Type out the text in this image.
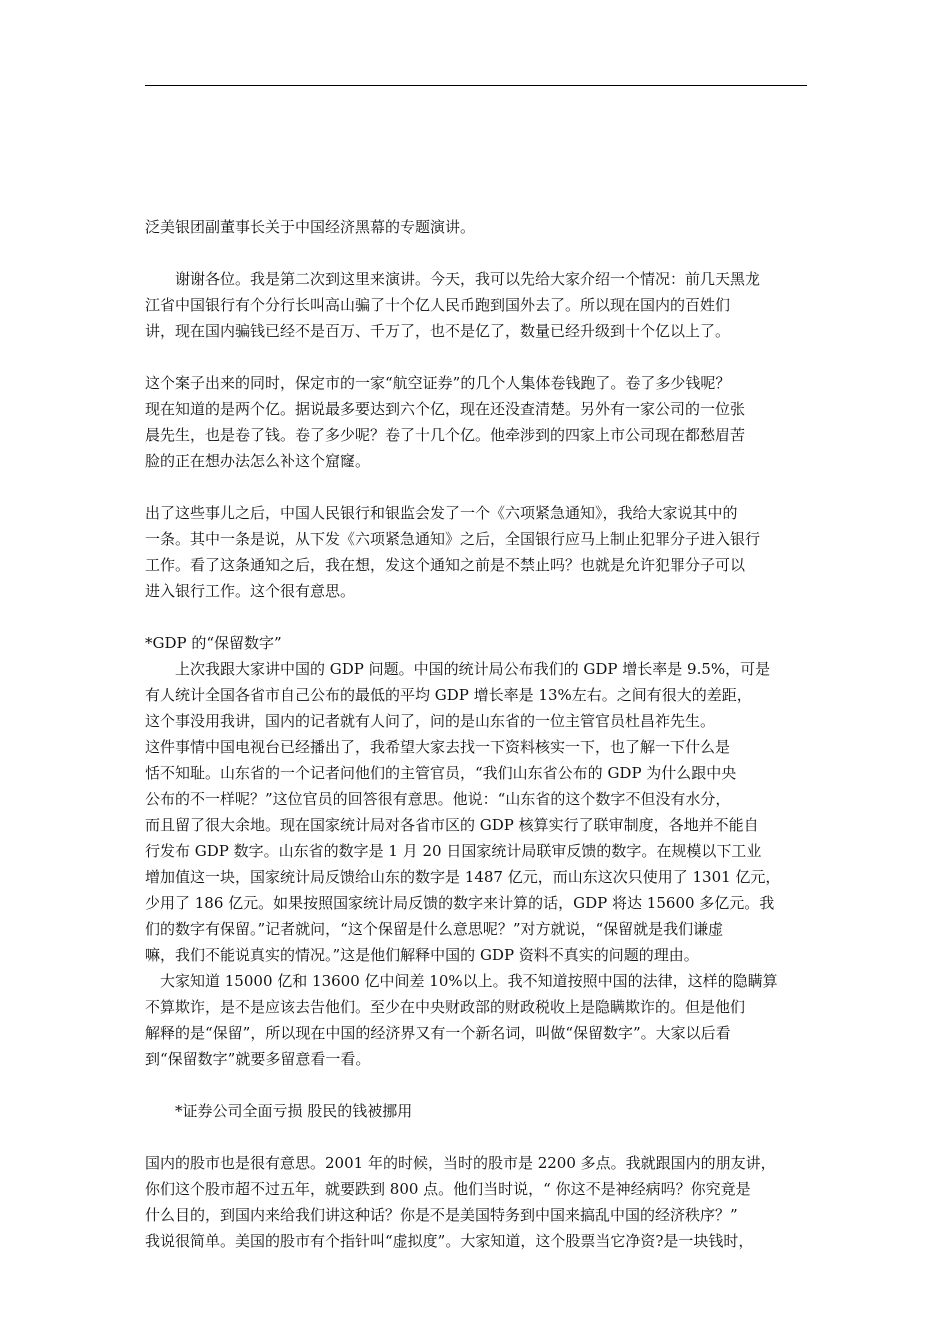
泛美银团副董事长关于中国经济黑幕的专题演讲。
　　谢谢各位。我是第二次到这里来演讲。今天，我可以先给大家介绍一个情况：前几天黑龙
江省中国银行有个分行长叫高山骗了十个亿人民币跑到国外去了。所以现在国内的百姓们
讲，现在国内骗钱已经不是百万、千万了，也不是亿了，数量已经升级到十个亿以上了。
这个案子出来的同时，保定市的一家“航空证券”的几个人集体卷钱跑了。卷了多少钱呢？
现在知道的是两个亿。据说最多要达到六个亿，现在还没查清楚。另外有一家公司的一位张
晨先生，也是卷了钱。卷了多少呢？卷了十几个亿。他牵涉到的四家上市公司现在都愁眉苦
脸的正在想办法怎么补这个窟窿。
出了这些事儿之后，中国人民银行和银监会发了一个《六项紧急通知》，我给大家说其中的
一条。其中一条是说，从下发《六项紧急通知》之后，全国银行应马上制止犯罪分子进入银行
工作。看了这条通知之后，我在想，发这个通知之前是不禁止吗？也就是允许犯罪分子可以
进入银行工作。这个很有意思。
*GDP 的“保留数字”
　　上次我跟大家讲中国的 GDP 问题。中国的统计局公布我们的 GDP 增长率是 9.5%，可是
有人统计全国各省市自己公布的最低的平均 GDP 增长率是 13%左右。之间有很大的差距，
这个事没用我讲，国内的记者就有人问了，问的是山东省的一位主管官员杜昌祚先生。
这件事情中国电视台已经播出了，我希望大家去找一下资料核实一下，也了解一下什么是
恬不知耻。山东省的一个记者问他们的主管官员，“我们山东省公布的 GDP 为什么跟中央
公布的不一样呢？”这位官员的回答很有意思。他说：“山东省的这个数字不但没有水分，
而且留了很大余地。现在国家统计局对各省市区的 GDP 核算实行了联审制度，各地并不能自
行发布 GDP 数字。山东省的数字是 1 月 20 日国家统计局联审反馈的数字。在规模以下工业
增加值这一块，国家统计局反馈给山东的数字是 1487 亿元，而山东这次只使用了 1301 亿元，
少用了 186 亿元。如果按照国家统计局反馈的数字来计算的话，GDP 将达 15600 多亿元。我
们的数字有保留。”记者就问，“这个保留是什么意思呢？”对方就说，“保留就是我们谦虚
嘛，我们不能说真实的情况。”这是他们解释中国的 GDP 资料不真实的问题的理由。
　大家知道 15000 亿和 13600 亿中间差 10%以上。我不知道按照中国的法律，这样的隐瞒算
不算欺诈，是不是应该去告他们。至少在中央财政部的财政税收上是隐瞒欺诈的。但是他们
解释的是“保留”，所以现在中国的经济界又有一个新名词，叫做“保留数字”。大家以后看
到“保留数字”就要多留意看一看。
　　*证券公司全面亏损 股民的钱被挪用
国内的股市也是很有意思。2001 年的时候，当时的股市是 2200 多点。我就跟国内的朋友讲，
你们这个股市超不过五年，就要跌到 800 点。他们当时说，“ 你这不是神经病吗？你究竟是
什么目的，到国内来给我们讲这种话？你是不是美国特务到中国来搞乱中国的经济秩序？”
我说很简单。美国的股市有个指针叫“虚拟度”。大家知道，这个股票当它净资?是一块钱时，
